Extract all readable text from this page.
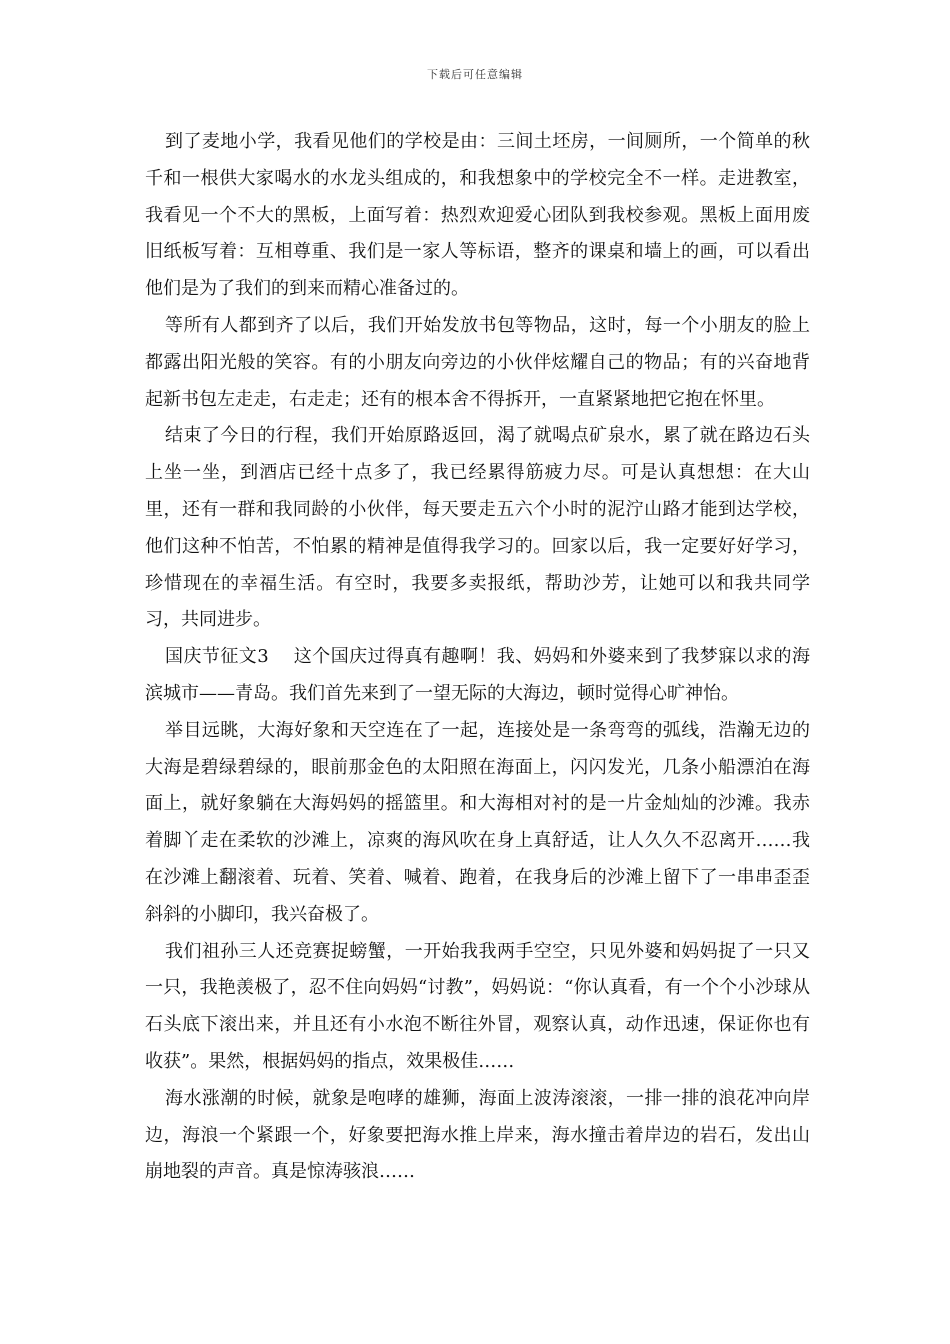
下载后可任意编辑

到了麦地小学，我看见他们的学校是由：三间土坯房，一间厕所，一个简单的秋千和一根供大家喝水的水龙头组成的，和我想象中的学校完全不一样。走进教室，我看见一个不大的黑板，上面写着：热烈欢迎爱心团队到我校参观。黑板上面用废旧纸板写着：互相尊重、我们是一家人等标语，整齐的课桌和墙上的画，可以看出他们是为了我们的到来而精心准备过的。

等所有人都到齐了以后，我们开始发放书包等物品，这时，每一个小朋友的脸上都露出阳光般的笑容。有的小朋友向旁边的小伙伴炫耀自己的物品；有的兴奋地背起新书包左走走，右走走；还有的根本舍不得拆开，一直紧紧地把它抱在怀里。

结束了今日的行程，我们开始原路返回，渴了就喝点矿泉水，累了就在路边石头上坐一坐，到酒店已经十点多了，我已经累得筋疲力尽。可是认真想想：在大山里，还有一群和我同龄的小伙伴，每天要走五六个小时的泥泞山路才能到达学校，他们这种不怕苦，不怕累的精神是值得我学习的。回家以后，我一定要好好学习，珍惜现在的幸福生活。有空时，我要多卖报纸，帮助沙芳，让她可以和我共同学习，共同进步。

国庆节征文3　 这个国庆过得真有趣啊！我、妈妈和外婆来到了我梦寐以求的海滨城市——青岛。我们首先来到了一望无际的大海边，顿时觉得心旷神怡。

举目远眺，大海好象和天空连在了一起，连接处是一条弯弯的弧线，浩瀚无边的大海是碧绿碧绿的，眼前那金色的太阳照在海面上，闪闪发光，几条小船漂泊在海面上，就好象躺在大海妈妈的摇篮里。和大海相对衬的是一片金灿灿的沙滩。我赤着脚丫走在柔软的沙滩上，凉爽的海风吹在身上真舒适，让人久久不忍离开……我在沙滩上翻滚着、玩着、笑着、喊着、跑着，在我身后的沙滩上留下了一串串歪歪斜斜的小脚印，我兴奋极了。

我们祖孙三人还竞赛捉螃蟹，一开始我我两手空空，只见外婆和妈妈捉了一只又一只，我艳羡极了，忍不住向妈妈“讨教”，妈妈说：“你认真看，有一个个小沙球从石头底下滚出来，并且还有小水泡不断往外冒，观察认真，动作迅速，保证你也有收获”。果然，根据妈妈的指点，效果极佳……

海水涨潮的时候，就象是咆哮的雄狮，海面上波涛滚滚，一排一排的浪花冲向岸边，海浪一个紧跟一个，好象要把海水推上岸来，海水撞击着岸边的岩石，发出山崩地裂的声音。真是惊涛骇浪……
